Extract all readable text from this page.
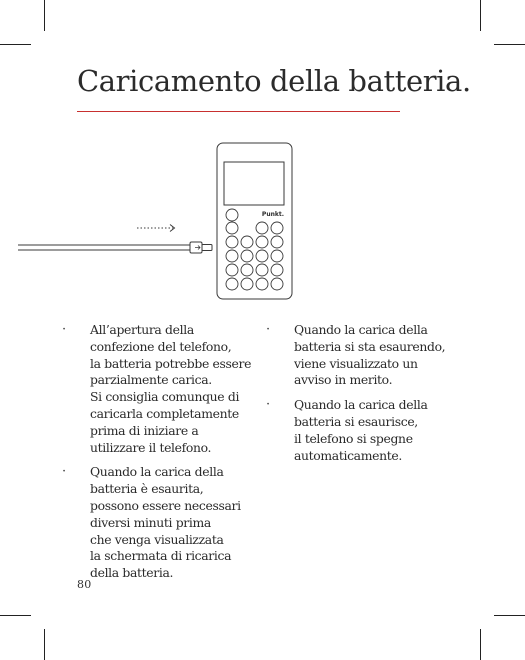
Caricamento della batteria.
Punkt.
· All’apertura della
confezione del telefono,
la batteria potrebbe essere
parzialmente carica.
Si consiglia comunque di
caricarla completamente
prima di iniziare a
utilizzare il telefono.
· Quando la carica della
batteria è esaurita,
possono essere necessari
diversi minuti prima
che venga visualizzata
la schermata di ricarica
della batteria.
· Quando la carica della
batteria si sta esaurendo,
viene visualizzato un
avviso in merito.
· Quando la carica della
batteria si esaurisce,
il telefono si spegne
automaticamente.
80
